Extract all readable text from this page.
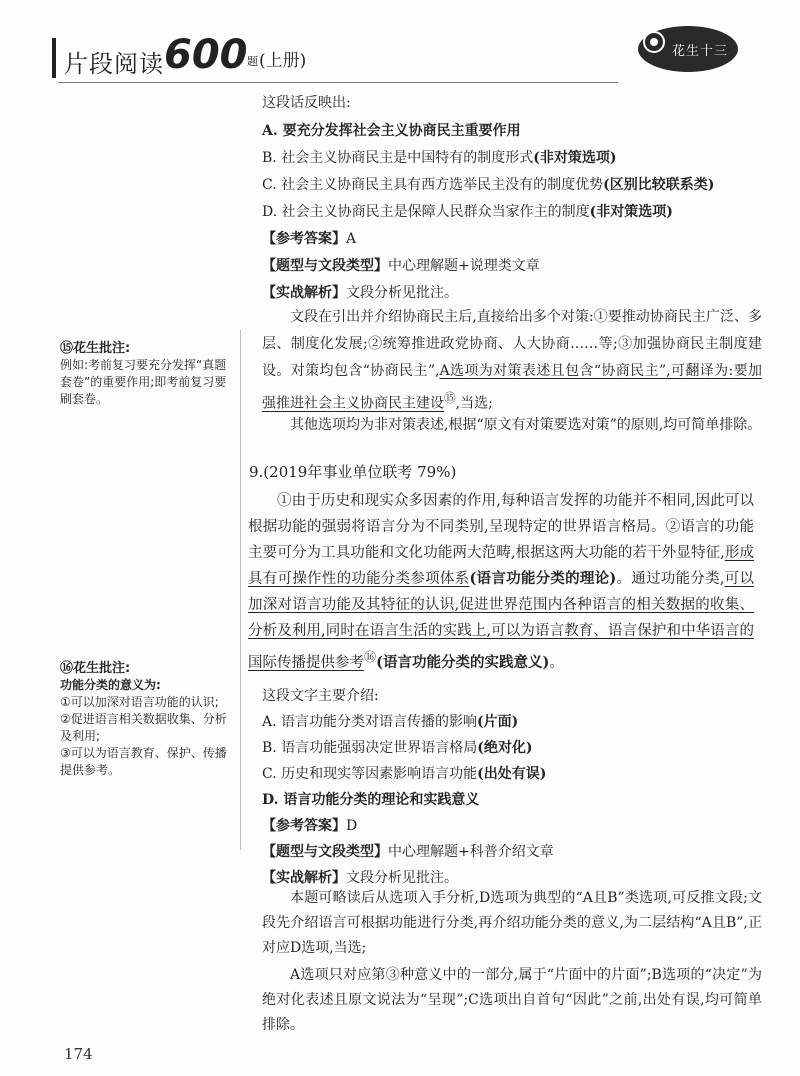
片段阅读 600 题 (上册)	花生十三
这段话反映出:
A. 要充分发挥社会主义协商民主重要作用
B. 社会主义协商民主是中国特有的制度形式(非对策选项)
C. 社会主义协商民主具有西方选举民主没有的制度优势(区别比较联系类)
D. 社会主义协商民主是保障人民群众当家作主的制度(非对策选项)
【参考答案】A
【题型与文段类型】中心理解题+说理类文章
【实战解析】文段分析见批注。
文段在引出并介绍协商民主后,直接给出多个对策:①要推动协商民主广泛、多层、制度化发展;②统筹推进政党协商、人大协商……等;③加强协商民主制度建设。对策均包含“协商民主”,A选项为对策表述且包含“协商民主”,可翻译为:要加强推进社会主义协商民主建设⑮,当选;
其他选项均为非对策表述,根据“原文有对策要选对策”的原则,均可简单排除。
⑮花生批注:
例如:考前复习要充分发挥“真题套卷”的重要作用;即考前复习要刷套卷。
9.(2019年事业单位联考 79%)
①由于历史和现实众多因素的作用,每种语言发挥的功能并不相同,因此可以根据功能的强弱将语言分为不同类别,呈现特定的世界语言格局。②语言的功能主要可分为工具功能和文化功能两大范畴,根据这两大功能的若干外显特征,形成具有可操作性的功能分类参项体系(语言功能分类的理论)。通过功能分类,可以加深对语言功能及其特征的认识,促进世界范围内各种语言的相关数据的收集、分析及利用,同时在语言生活的实践上,可以为语言教育、语言保护和中华语言的国际传播提供参考⑯(语言功能分类的实践意义)。
⑯花生批注:
功能分类的意义为:
①可以加深对语言功能的认识;
②促进语言相关数据收集、分析及利用;
③可以为语言教育、保护、传播提供参考。
这段文字主要介绍:
A. 语言功能分类对语言传播的影响(片面)
B. 语言功能强弱决定世界语言格局(绝对化)
C. 历史和现实等因素影响语言功能(出处有误)
D. 语言功能分类的理论和实践意义
【参考答案】D
【题型与文段类型】中心理解题+科普介绍文章
【实战解析】文段分析见批注。
本题可略读后从选项入手分析,D选项为典型的“A且B”类选项,可反推文段;文段先介绍语言可根据功能进行分类,再介绍功能分类的意义,为二层结构“A且B”,正对应D选项,当选;
A选项只对应第③种意义中的一部分,属于“片面中的片面”;B选项的“决定”为绝对化表述且原文说法为“呈现”;C选项出自首句“因此”之前,出处有误,均可简单排除。
174
